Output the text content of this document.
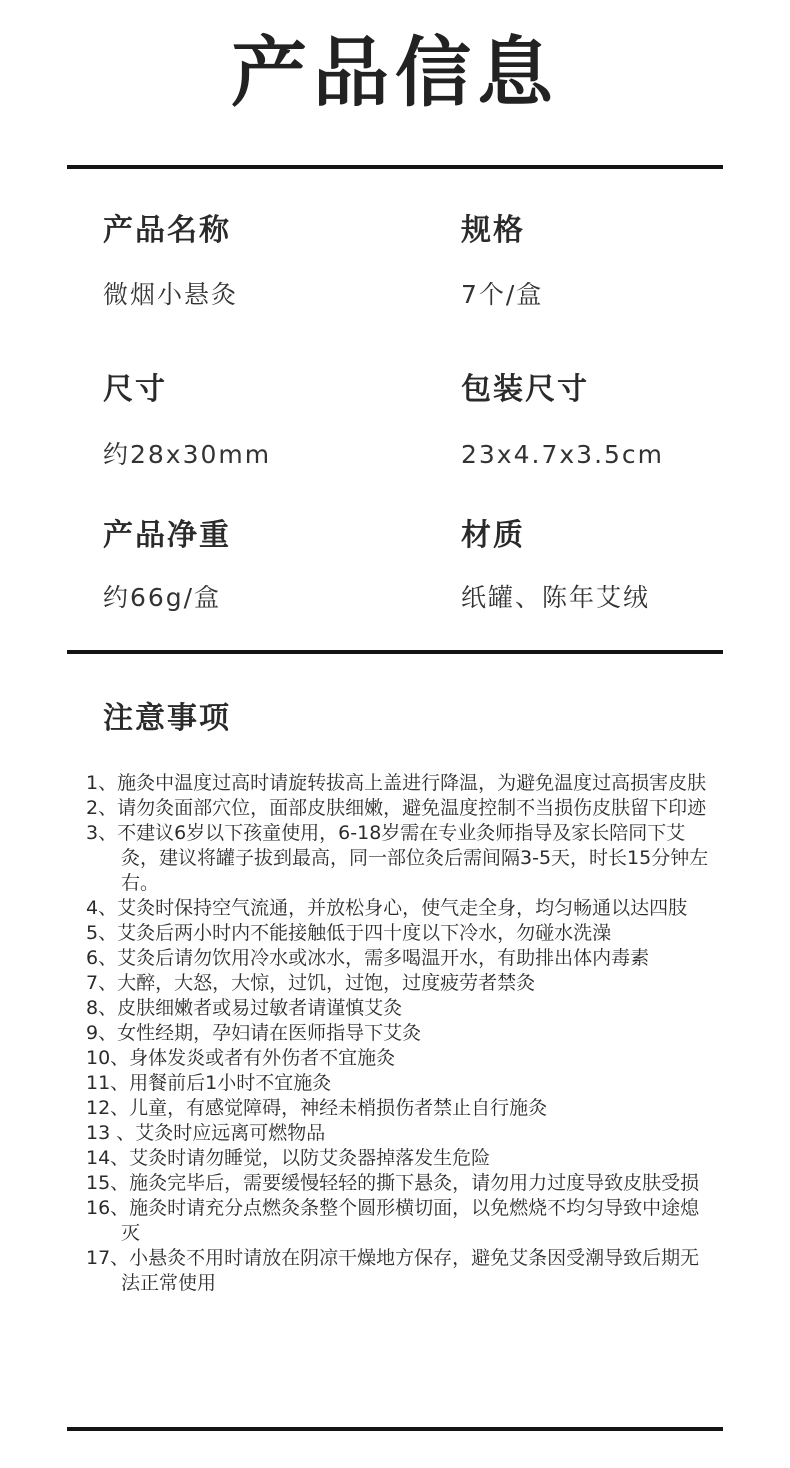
产品信息
产品名称
微烟小悬灸
规格
7个/盒
尺寸
约28x30mm
包装尺寸
23x4.7x3.5cm
产品净重
约66g/盒
材质
纸罐、陈年艾绒
注意事项
1、施灸中温度过高时请旋转拔高上盖进行降温，为避免温度过高损害皮肤
2、请勿灸面部穴位，面部皮肤细嫩，避免温度控制不当损伤皮肤留下印迹
3、不建议6岁以下孩童使用，6-18岁需在专业灸师指导及家长陪同下艾灸，建议将罐子拔到最高，同一部位灸后需间隔3-5天，时长15分钟左右。
4、艾灸时保持空气流通，并放松身心，使气走全身，均匀畅通以达四肢
5、艾灸后两小时内不能接触低于四十度以下冷水，勿碰水洗澡
6、艾灸后请勿饮用冷水或冰水，需多喝温开水，有助排出体内毒素
7、大醉，大怒，大惊，过饥，过饱，过度疲劳者禁灸
8、皮肤细嫩者或易过敏者请谨慎艾灸
9、女性经期，孕妇请在医师指导下艾灸
10、身体发炎或者有外伤者不宜施灸
11、用餐前后1小时不宜施灸
12、儿童，有感觉障碍，神经未梢损伤者禁止自行施灸
13 、艾灸时应远离可燃物品
14、艾灸时请勿睡觉，以防艾灸器掉落发生危险
15、施灸完毕后，需要缓慢轻轻的撕下悬灸，请勿用力过度导致皮肤受损
16、施灸时请充分点燃灸条整个圆形横切面，以免燃烧不均匀导致中途熄灭
17、小悬灸不用时请放在阴凉干燥地方保存，避免艾条因受潮导致后期无法正常使用
